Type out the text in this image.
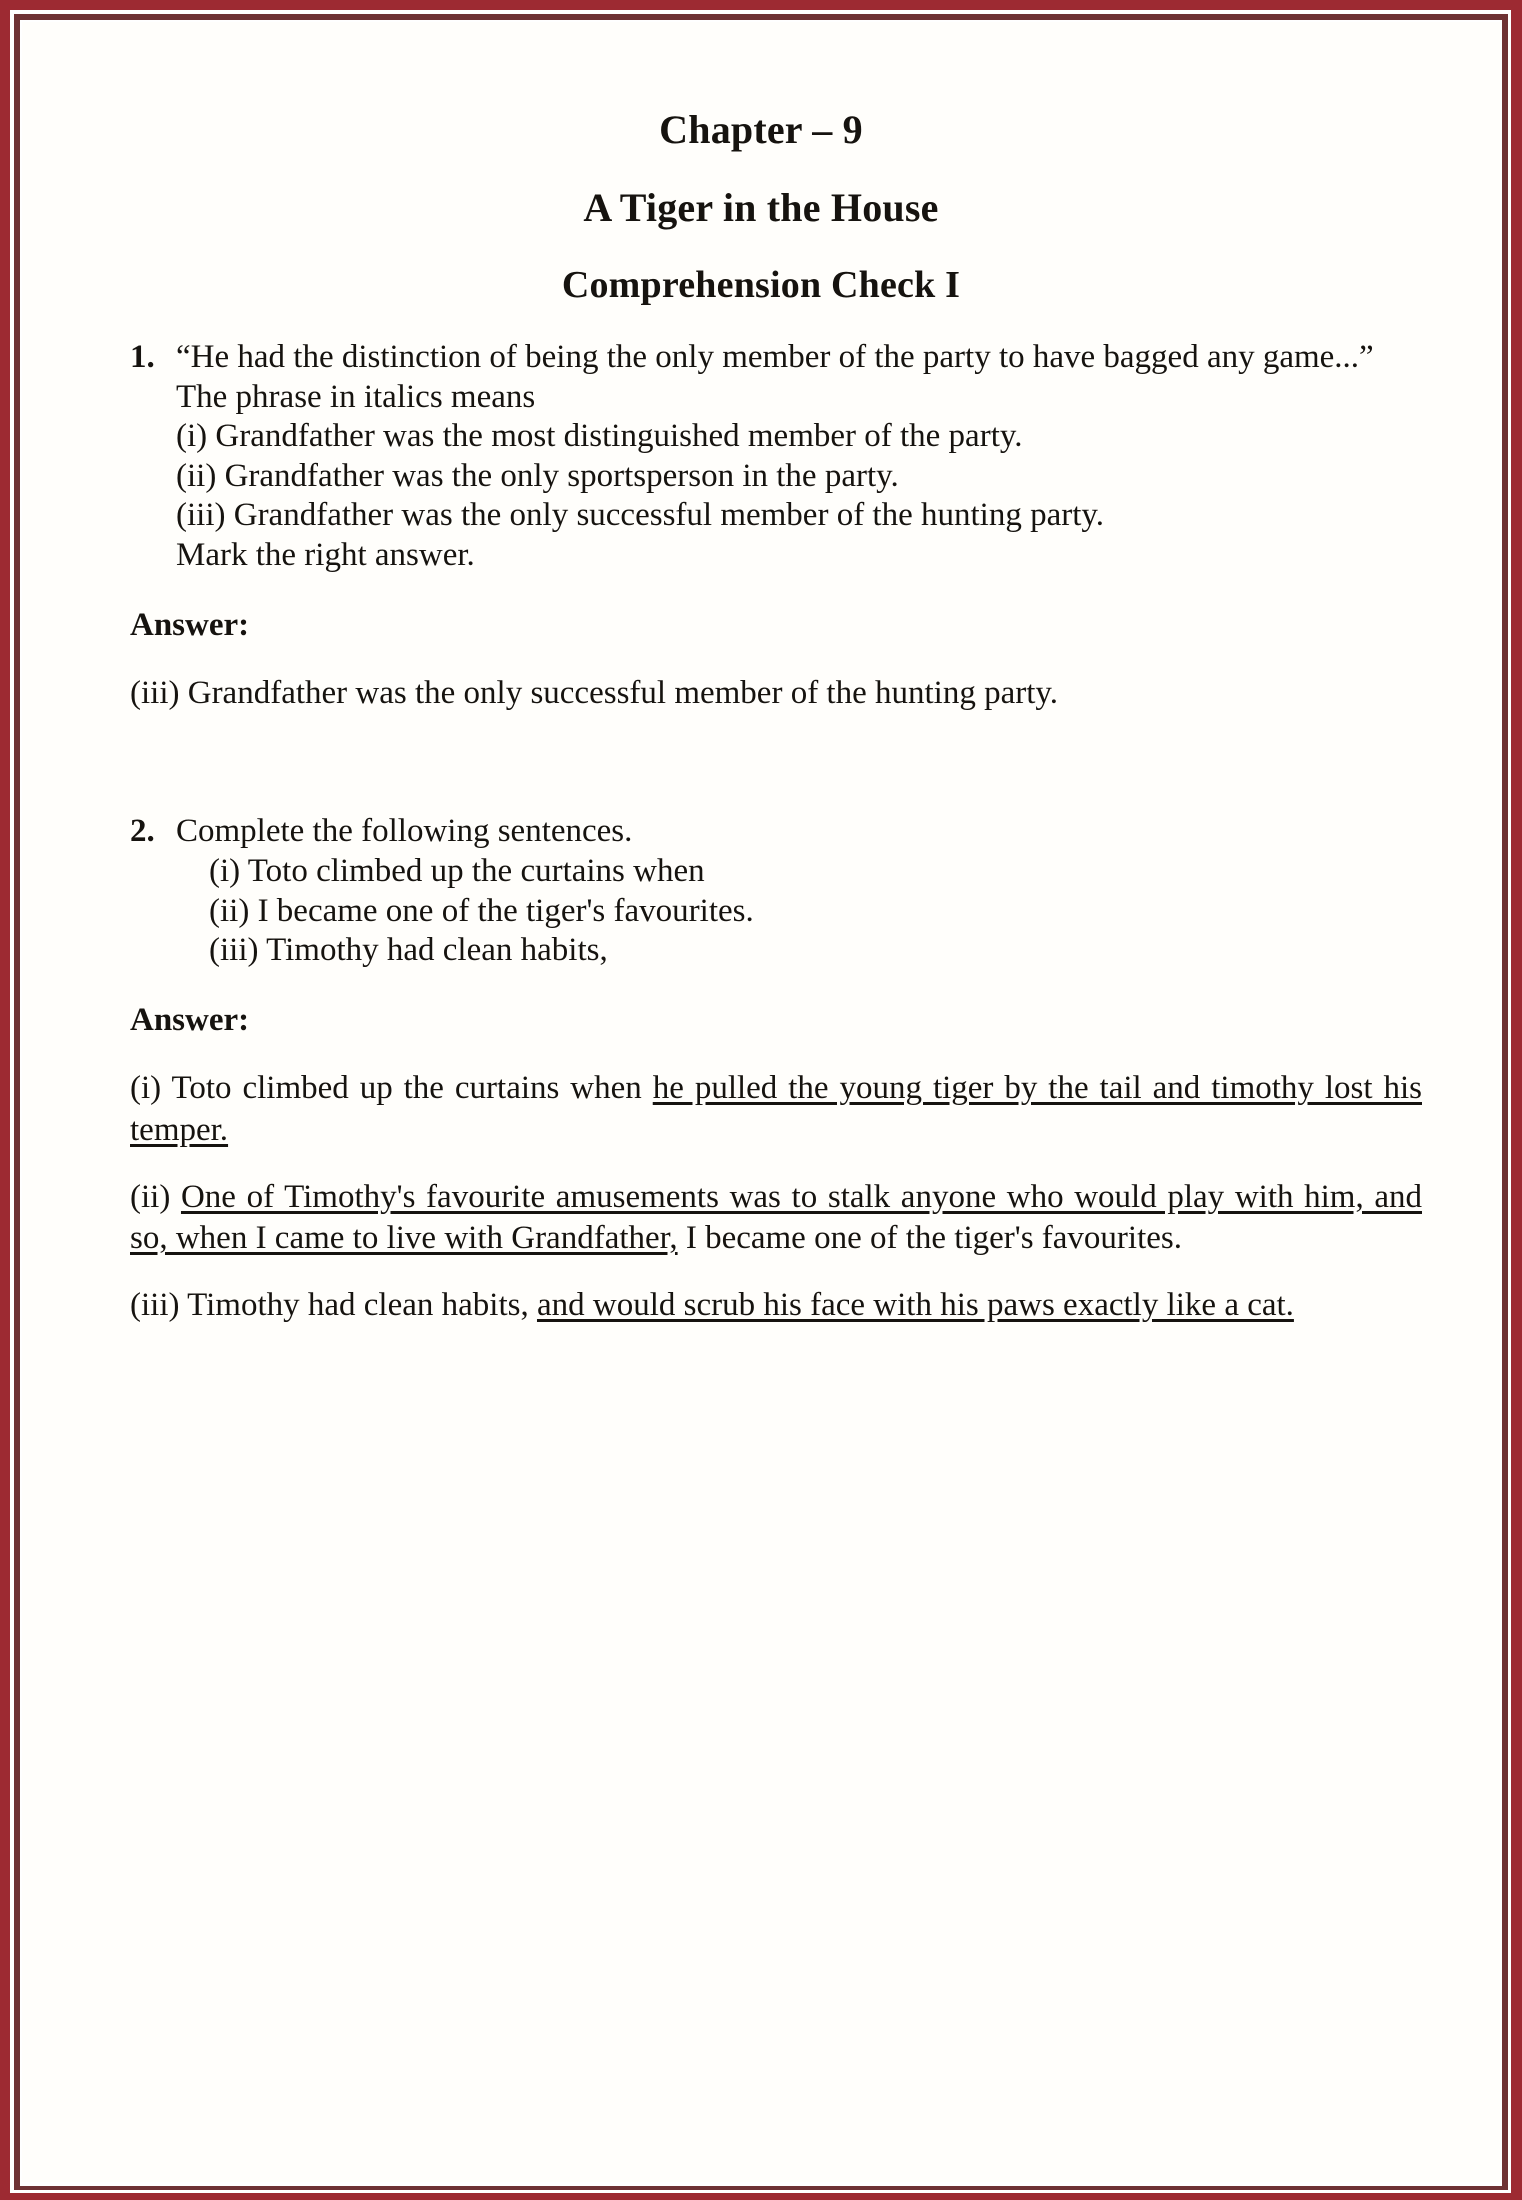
Chapter – 9
A Tiger in the House
Comprehension Check I
1. “He had the distinction of being the only member of the party to have bagged any game...”
The phrase in italics means
(i) Grandfather was the most distinguished member of the party.
(ii) Grandfather was the only sportsperson in the party.
(iii) Grandfather was the only successful member of the hunting party.
Mark the right answer.
Answer:
(iii) Grandfather was the only successful member of the hunting party.
2. Complete the following sentences.
(i) Toto climbed up the curtains when
(ii) I became one of the tiger's favourites.
(iii) Timothy had clean habits,
Answer:
(i) Toto climbed up the curtains when he pulled the young tiger by the tail and timothy lost his temper.
(ii) One of Timothy's favourite amusements was to stalk anyone who would play with him, and so, when I came to live with Grandfather, I became one of the tiger's favourites.
(iii) Timothy had clean habits, and would scrub his face with his paws exactly like a cat.
